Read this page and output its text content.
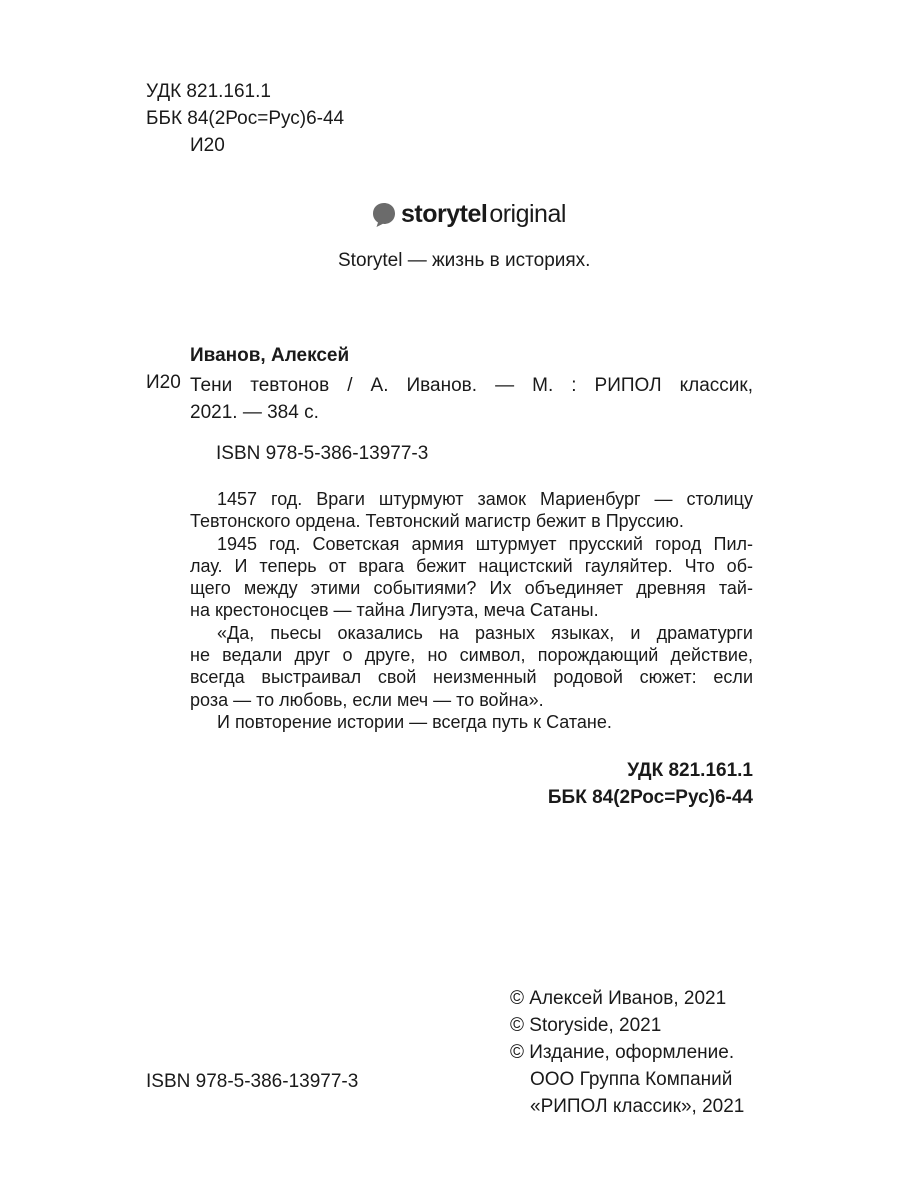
УДК 821.161.1
ББК 84(2Рос=Рус)6-44
И20
storytel original
Storytel — жизнь в историях.
Иванов, Алексей
И20 Тени тевтонов / А. Иванов. — М. : РИПОЛ классик,
2021. — 384 с.
ISBN 978-5-386-13977-3
1457 год. Враги штурмуют замок Мариенбург — столицу
Тевтонского ордена. Тевтонский магистр бежит в Пруссию.
1945 год. Советская армия штурмует прусский город Пил-
лау. И теперь от врага бежит нацистский гауляйтер. Что об-
щего между этими событиями? Их объединяет древняя тай-
на крестоносцев — тайна Лигуэта, меча Сатаны.
«Да, пьесы оказались на разных языках, и драматурги
не ведали друг о друге, но символ, порождающий действие,
всегда выстраивал свой неизменный родовой сюжет: если
роза — то любовь, если меч — то война».
И повторение истории — всегда путь к Сатане.
УДК 821.161.1
ББК 84(2Рос=Рус)6-44
© Алексей Иванов, 2021
© Storyside, 2021
© Издание, оформление.
ООО Группа Компаний
«РИПОЛ классик», 2021
ISBN 978-5-386-13977-3
